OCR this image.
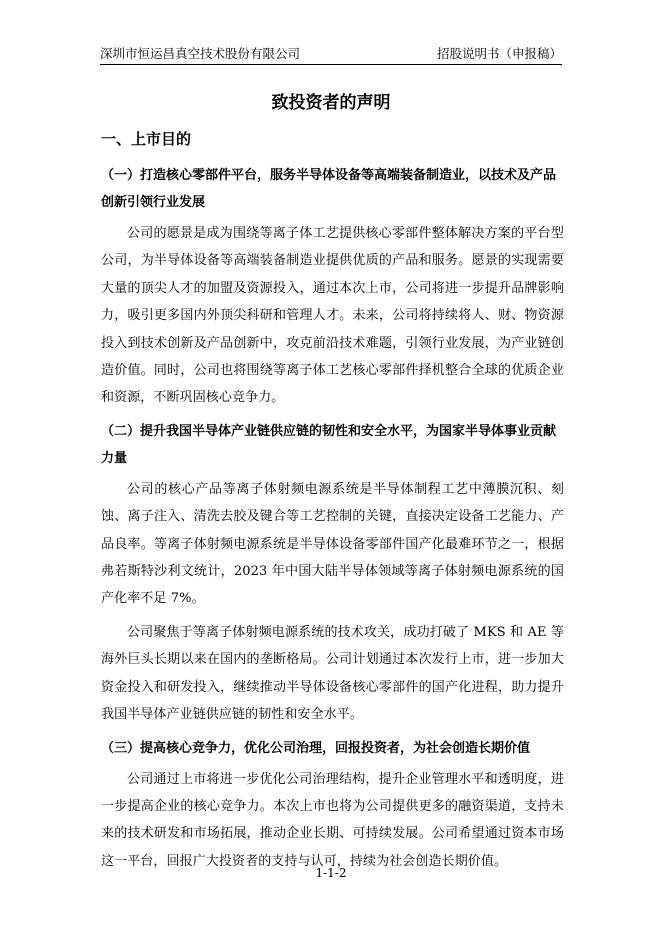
深圳市恒运昌真空技术股份有限公司	招股说明书（申报稿）
致投资者的声明
一、上市目的
（一）打造核心零部件平台，服务半导体设备等高端装备制造业，以技术及产品创新引领行业发展

公司的愿景是成为围绕等离子体工艺提供核心零部件整体解决方案的平台型公司，为半导体设备等高端装备制造业提供优质的产品和服务。愿景的实现需要大量的顶尖人才的加盟及资源投入，通过本次上市，公司将进一步提升品牌影响力，吸引更多国内外顶尖科研和管理人才。未来，公司将持续将人、财、物资源投入到技术创新及产品创新中，攻克前沿技术难题，引领行业发展，为产业链创造价值。同时，公司也将围绕等离子体工艺核心零部件择机整合全球的优质企业和资源，不断巩固核心竞争力。

（二）提升我国半导体产业链供应链的韧性和安全水平，为国家半导体事业贡献力量

公司的核心产品等离子体射频电源系统是半导体制程工艺中薄膜沉积、刻蚀、离子注入、清洗去胶及键合等工艺控制的关键，直接决定设备工艺能力、产品良率。等离子体射频电源系统是半导体设备零部件国产化最难环节之一，根据弗若斯特沙利文统计，2023 年中国大陆半导体领域等离子体射频电源系统的国产化率不足 7%。

公司聚焦于等离子体射频电源系统的技术攻关，成功打破了 MKS 和 AE 等海外巨头长期以来在国内的垄断格局。公司计划通过本次发行上市，进一步加大资金投入和研发投入，继续推动半导体设备核心零部件的国产化进程，助力提升我国半导体产业链供应链的韧性和安全水平。

（三）提高核心竞争力，优化公司治理，回报投资者，为社会创造长期价值

公司通过上市将进一步优化公司治理结构，提升企业管理水平和透明度，进一步提高企业的核心竞争力。本次上市也将为公司提供更多的融资渠道，支持未来的技术研发和市场拓展，推动企业长期、可持续发展。公司希望通过资本市场这一平台，回报广大投资者的支持与认可，持续为社会创造长期价值。

1-1-2
